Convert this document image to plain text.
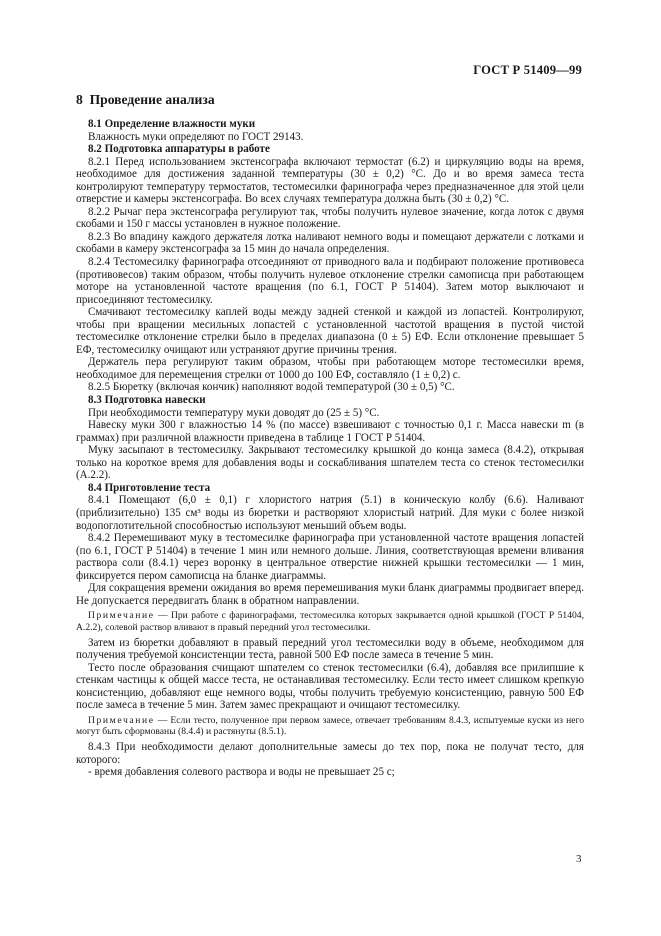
ГОСТ Р 51409—99
8 Проведение анализа
8.1 Определение влажности муки

Влажность муки определяют по ГОСТ 29143.

8.2 Подготовка аппаратуры в работе

8.2.1 Перед использованием экстенсографа включают термостат (6.2) и циркуляцию воды на время, необходимое для достижения заданной температуры (30 ± 0,2) °С. До и во время замеса теста контролируют температуру термостатов, тестомесилки фаринографа через предназначенное для этой цели отверстие и камеры экстенсографа. Во всех случаях температура должна быть (30 ± 0,2) °С.

8.2.2 Рычаг пера экстенсографа регулируют так, чтобы получить нулевое значение, когда лоток с двумя скобами и 150 г массы установлен в нужное положение.

8.2.3 Во впадину каждого держателя лотка наливают немного воды и помещают держатели с лотками и скобами в камеру экстенсографа за 15 мин до начала определения.

8.2.4 Тестомесилку фаринографа отсоединяют от приводного вала и подбирают положение противовеса (противовесов) таким образом, чтобы получить нулевое отклонение стрелки самописца при работающем моторе на установленной частоте вращения (по 6.1, ГОСТ Р 51404). Затем мотор выключают и присоединяют тестомесилку.

Смачивают тестомесилку каплей воды между задней стенкой и каждой из лопастей. Контролируют, чтобы при вращении месильных лопастей с установленной частотой вращения в пустой чистой тестомесилке отклонение стрелки было в пределах диапазона (0 ± 5) ЕФ. Если отклонение превышает 5 ЕФ, тестомесилку очищают или устраняют другие причины трения.

Держатель пера регулируют таким образом, чтобы при работающем моторе тестомесилки время, необходимое для перемещения стрелки от 1000 до 100 ЕФ, составляло (1 ± 0,2) с.

8.2.5 Бюретку (включая кончик) наполняют водой температурой (30 ± 0,5) °С.

8.3 Подготовка навески

При необходимости температуру муки доводят до (25 ± 5) °С.

Навеску муки 300 г влажностью 14 % (по массе) взвешивают с точностью 0,1 г. Масса навески m (в граммах) при различной влажности приведена в таблице 1 ГОСТ Р 51404.

Муку засыпают в тестомесилку. Закрывают тестомесилку крышкой до конца замеса (8.4.2), открывая только на короткое время для добавления воды и соскабливания шпателем теста со стенок тестомесилки (А.2.2).

8.4 Приготовление теста

8.4.1 Помещают (6,0 ± 0,1) г хлористого натрия (5.1) в коническую колбу (6.6). Наливают (приблизительно) 135 см³ воды из бюретки и растворяют хлористый натрий. Для муки с более низкой водопоглотительной способностью используют меньший объем воды.

8.4.2 Перемешивают муку в тестомесилке фаринографа при установленной частоте вращения лопастей (по 6.1, ГОСТ Р 51404) в течение 1 мин или немного дольше. Линия, соответствующая времени вливания раствора соли (8.4.1) через воронку в центральное отверстие нижней крышки тестомесилки — 1 мин, фиксируется пером самописца на бланке диаграммы.

Для сокращения времени ожидания во время перемешивания муки бланк диаграммы продвигает вперед. Не допускается передвигать бланк в обратном направлении.

Примечание — При работе с фаринографами, тестомесилка которых закрывается одной крышкой (ГОСТ Р 51404, А.2.2), солевой раствор вливают в правый передний угол тестомесилки.

Затем из бюретки добавляют в правый передний угол тестомесилки воду в объеме, необходимом для получения требуемой консистенции теста, равной 500 ЕФ после замеса в течение 5 мин.

Тесто после образования счищают шпателем со стенок тестомесилки (6.4), добавляя все прилипшие к стенкам частицы к общей массе теста, не останавливая тестомесилку. Если тесто имеет слишком крепкую консистенцию, добавляют еще немного воды, чтобы получить требуемую консистенцию, равную 500 ЕФ после замеса в течение 5 мин. Затем замес прекращают и очищают тестомесилку.

Примечание — Если тесто, полученное при первом замесе, отвечает требованиям 8.4.3, испытуемые куски из него могут быть сформованы (8.4.4) и растянуты (8.5.1).

8.4.3 При необходимости делают дополнительные замесы до тех пор, пока не получат тесто, для которого:

- время добавления солевого раствора и воды не превышает 25 с;

3
